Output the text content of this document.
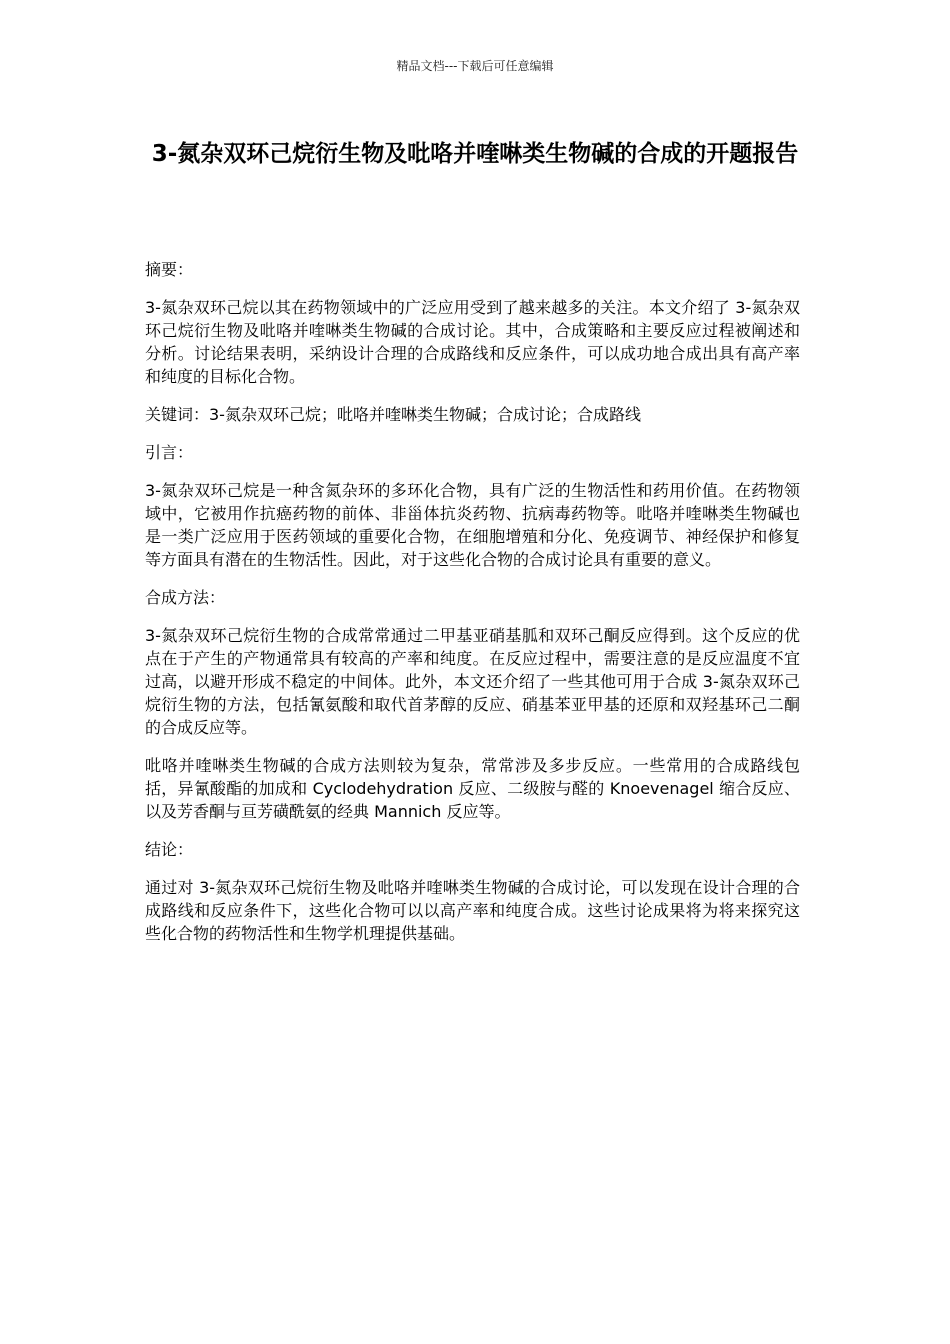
精品文档---下载后可任意编辑
3-氮杂双环己烷衍生物及吡咯并喹啉类生物碱的合成的开题报告

摘要：

3-氮杂双环己烷以其在药物领域中的广泛应用受到了越来越多的关注。本文介绍了 3-氮杂双环己烷衍生物及吡咯并喹啉类生物碱的合成讨论。其中，合成策略和主要反应过程被阐述和分析。讨论结果表明，采纳设计合理的合成路线和反应条件，可以成功地合成出具有高产率和纯度的目标化合物。

关键词：3-氮杂双环己烷；吡咯并喹啉类生物碱；合成讨论；合成路线

引言：

3-氮杂双环己烷是一种含氮杂环的多环化合物，具有广泛的生物活性和药用价值。在药物领域中，它被用作抗癌药物的前体、非甾体抗炎药物、抗病毒药物等。吡咯并喹啉类生物碱也是一类广泛应用于医药领域的重要化合物，在细胞增殖和分化、免疫调节、神经保护和修复等方面具有潜在的生物活性。因此，对于这些化合物的合成讨论具有重要的意义。

合成方法：

3-氮杂双环己烷衍生物的合成常常通过二甲基亚硝基胍和双环己酮反应得到。这个反应的优点在于产生的产物通常具有较高的产率和纯度。在反应过程中，需要注意的是反应温度不宜过高，以避开形成不稳定的中间体。此外，本文还介绍了一些其他可用于合成 3-氮杂双环己烷衍生物的方法，包括氰氨酸和取代首茅醇的反应、硝基苯亚甲基的还原和双羟基环己二酮的合成反应等。

吡咯并喹啉类生物碱的合成方法则较为复杂，常常涉及多步反应。一些常用的合成路线包括，异氰酸酯的加成和 Cyclodehydration 反应、二级胺与醛的 Knoevenagel 缩合反应、以及芳香酮与亘芳磺酰氨的经典 Mannich 反应等。

结论：

通过对 3-氮杂双环己烷衍生物及吡咯并喹啉类生物碱的合成讨论，可以发现在设计合理的合成路线和反应条件下，这些化合物可以以高产率和纯度合成。这些讨论成果将为将来探究这些化合物的药物活性和生物学机理提供基础。
